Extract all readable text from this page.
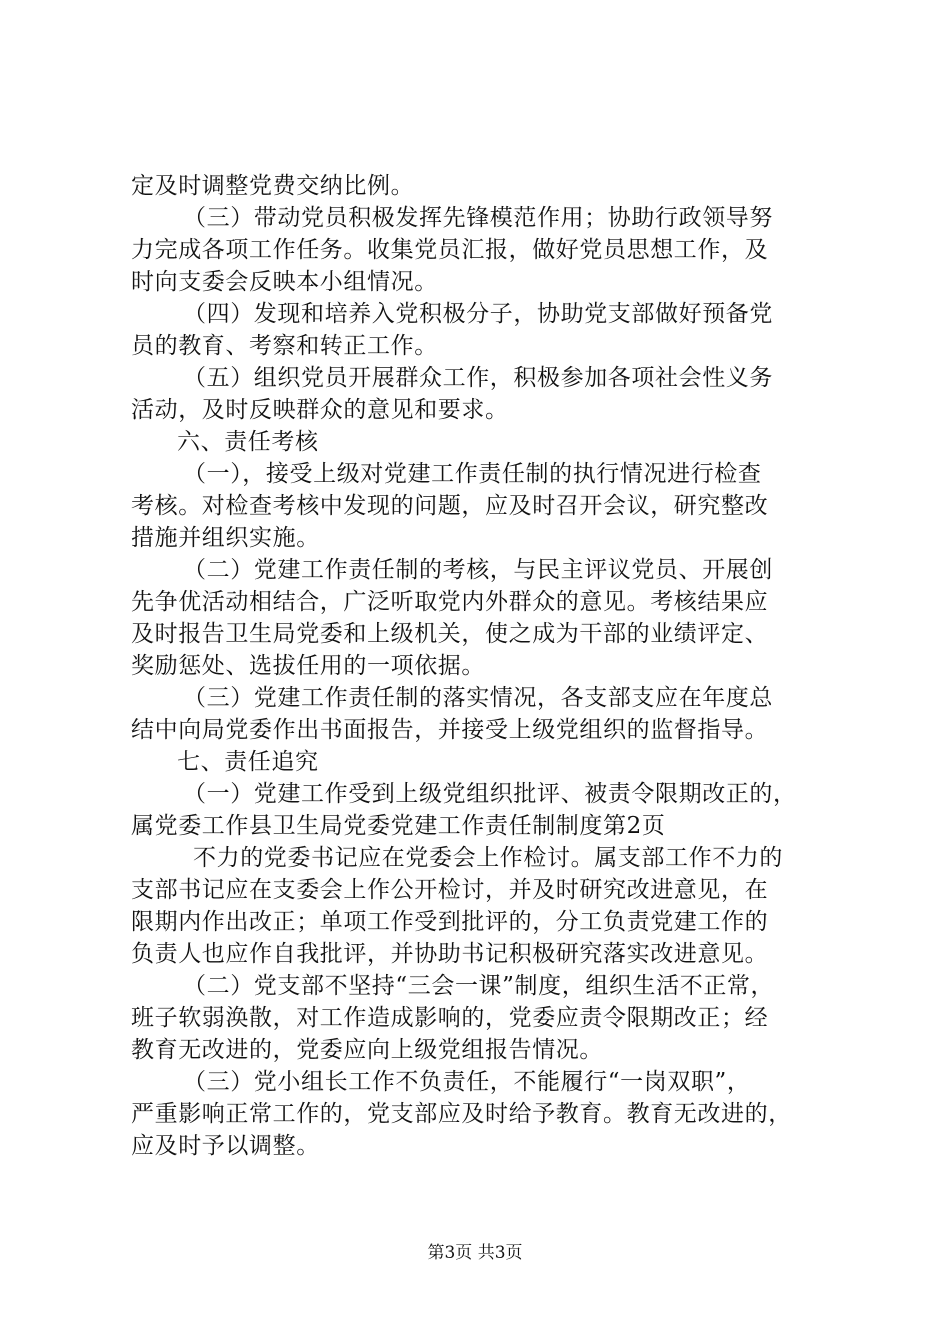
定及时调整党费交纳比例。
（三）带动党员积极发挥先锋模范作用；协助行政领导努
力完成各项工作任务。收集党员汇报，做好党员思想工作，及
时向支委会反映本小组情况。
（四）发现和培养入党积极分子，协助党支部做好预备党
员的教育、考察和转正工作。
（五）组织党员开展群众工作，积极参加各项社会性义务
活动，及时反映群众的意见和要求。
六、责任考核
（一），接受上级对党建工作责任制的执行情况进行检查
考核。对检查考核中发现的问题，应及时召开会议，研究整改
措施并组织实施。
（二）党建工作责任制的考核，与民主评议党员、开展创
先争优活动相结合，广泛听取党内外群众的意见。考核结果应
及时报告卫生局党委和上级机关，使之成为干部的业绩评定、
奖励惩处、选拔任用的一项依据。
（三）党建工作责任制的落实情况，各支部支应在年度总
结中向局党委作出书面报告，并接受上级党组织的监督指导。
七、责任追究
（一）党建工作受到上级党组织批评、被责令限期改正的，
属党委工作县卫生局党委党建工作责任制制度第2页
不力的党委书记应在党委会上作检讨。属支部工作不力的
支部书记应在支委会上作公开检讨，并及时研究改进意见，在
限期内作出改正；单项工作受到批评的，分工负责党建工作的
负责人也应作自我批评，并协助书记积极研究落实改进意见。
（二）党支部不坚持“三会一课”制度，组织生活不正常，
班子软弱涣散，对工作造成影响的，党委应责令限期改正；经
教育无改进的，党委应向上级党组报告情况。
（三）党小组长工作不负责任，不能履行“一岗双职”，
严重影响正常工作的，党支部应及时给予教育。教育无改进的，
应及时予以调整。
第3页 共3页
